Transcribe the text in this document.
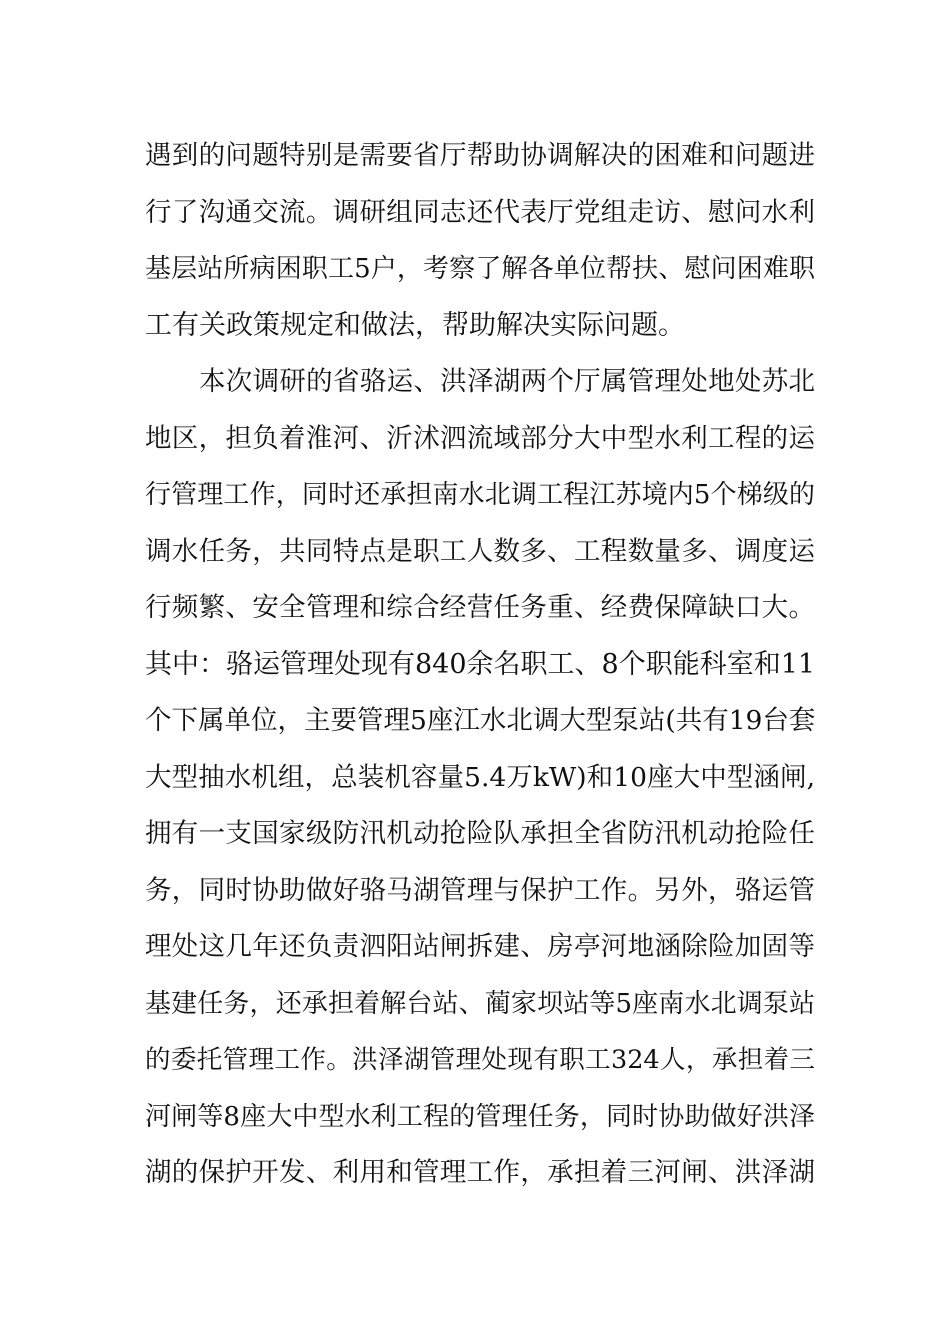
遇到的问题特别是需要省厅帮助协调解决的困难和问题进
行了沟通交流。调研组同志还代表厅党组走访、慰问水利
基层站所病困职工5户，考察了解各单位帮扶、慰问困难职
工有关政策规定和做法，帮助解决实际问题。
本次调研的省骆运、洪泽湖两个厅属管理处地处苏北
地区，担负着淮河、沂沭泗流域部分大中型水利工程的运
行管理工作，同时还承担南水北调工程江苏境内5个梯级的
调水任务，共同特点是职工人数多、工程数量多、调度运
行频繁、安全管理和综合经营任务重、经费保障缺口大。
其中：骆运管理处现有840余名职工、8个职能科室和11
个下属单位，主要管理5座江水北调大型泵站(共有19台套
大型抽水机组，总装机容量5.4万kW)和10座大中型涵闸,
拥有一支国家级防汛机动抢险队承担全省防汛机动抢险任
务，同时协助做好骆马湖管理与保护工作。另外，骆运管
理处这几年还负责泗阳站闸拆建、房亭河地涵除险加固等
基建任务，还承担着解台站、蔺家坝站等5座南水北调泵站
的委托管理工作。洪泽湖管理处现有职工324人，承担着三
河闸等8座大中型水利工程的管理任务，同时协助做好洪泽
湖的保护开发、利用和管理工作，承担着三河闸、洪泽湖
